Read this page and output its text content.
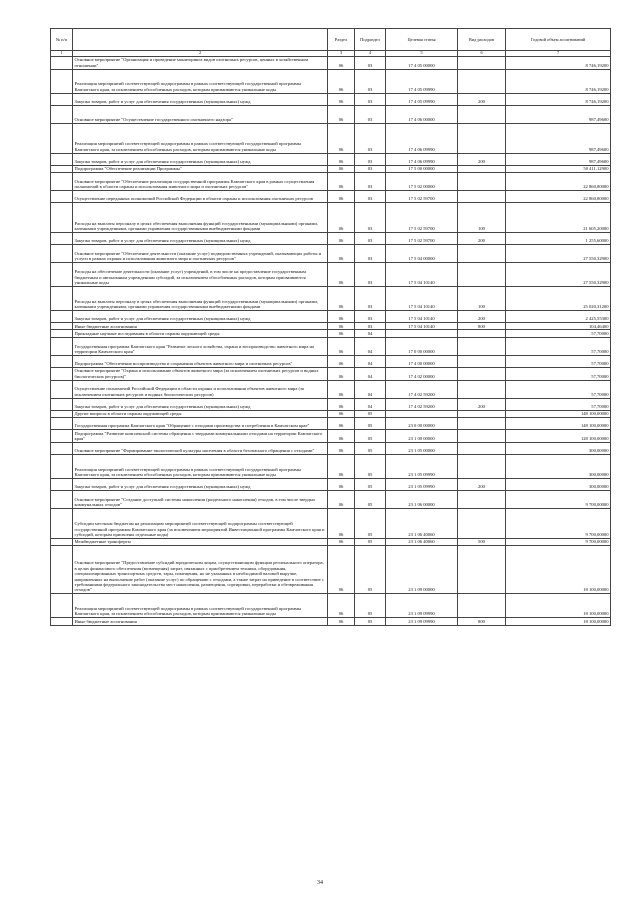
№ п/п		Раздел	Подраздел	Целевая статья	Вид расходов	Годовой объем ассигнований
1	2	3	4	5	6	7
	Основное мероприятие "Организация и проведение мониторинга видов охотничьих ресурсов, ценных в хозяйственном отношении"	06	03	17 4 05 00000		8 746,19200
	Реализация мероприятий соответствующей подпрограммы в рамках соответствующей государственной программы Камчатского края, за исключением обособленных расходов, которым присваиваются уникальные коды	06	03	17 4 05 09990		8 746,19200
	Закупка товаров, работ и услуг для обеспечения государственных (муниципальных) нужд	06	03	17 4 05 09990	200	8 746,19200
	Основное мероприятие "Осуществление государственного охотничьего надзора"	06	03	17 4 06 00000		987,49600
	Реализация мероприятий соответствующей подпрограммы в рамках соответствующей государственной программы Камчатского края, за исключением обособленных расходов, которым присваиваются уникальные коды	06	03	17 4 06 09990		987,49600
	Закупка товаров, работ и услуг для обеспечения государственных (муниципальных) нужд	06	03	17 4 06 09990	200	987,49600
	Подпрограмма "Обеспечение реализации Программы"	06	03	17 5 00 00000		50 411,12900
	Основное мероприятие "Обеспечение реализации государственной программы Камчатского края в рамках осуществления полномочий в области охраны и использования животного мира и охотничьих ресурсов"	06	03	17 5 02 00000		22 860,80000
	Осуществление переданных полномочий Российской Федерации в области охраны и использования охотничьих ресурсов	06	03	17 5 02 59700		22 860,80000
	Расходы на выплаты персоналу в целях обеспечения выполнения функций государственными (муниципальными) органами, казенными учреждениями, органами управления государственными внебюджетными фондами	06	03	17 5 02 59700	100	21 605,20000
	Закупка товаров, работ и услуг для обеспечения государственных (муниципальных) нужд	06	03	17 5 02 59700	200	1 255,60000
	Основное мероприятие "Обеспечение деятельности (оказание услуг) подведомственных учреждений, оказывающих работы и услуги в рамках охраны и использования животного мира и охотничьих ресурсов"	06	03	17 5 04 00000		27 550,32900
	Расходы на обеспечение деятельности (оказание услуг) учреждений, в том числе на предоставление государственным бюджетным и автономным учреждениям субсидий, за исключением обособленных расходов, которым присваиваются уникальные коды	06	03	17 5 04 10140		27 550,32900
	Расходы на выплаты персоналу в целях обеспечения выполнения функций государственными (муниципальными) органами, казенными учреждениями, органами управления государственными внебюджетными фондами	06	03	17 5 04 10140	100	25 020,31200
	Закупка товаров, работ и услуг для обеспечения государственных (муниципальных) нужд	06	03	17 5 04 10140	200	2 425,55300
	Иные бюджетные ассигнования	06	03	17 5 04 10140	800	104,46400
	Прикладные научные исследования в области охраны окружающей среды	06	04			57,70000
	Государственная программа Камчатского края "Развитие лесного хозяйства, охрана и воспроизводство животного мира на территории Камчатского края"	06	04	17 0 00 00000		57,70000
	Подпрограмма "Обеспечение воспроизводства и сохранения объектов животного мира и охотничьих ресурсов"	06	04	17 4 00 00000		57,70000
	Основное мероприятие "Охрана и использование объектов животного мира (за исключением охотничьих ресурсов и водных биологических ресурсов)"	06	04	17 4 02 00000		57,70000
	Осуществление полномочий Российской Федерации в области охраны и использования объектов животного мира (за исключением охотничьих ресурсов и водных биологических ресурсов)	06	04	17 4 02 59200		57,70000
	Закупка товаров, работ и услуг для обеспечения государственных (муниципальных) нужд	06	04	17 4 02 59200	200	57,70000
	Другие вопросы в области охраны окружающей среды	06	05			148 100,00000
	Государственная программа Камчатского края "Обращение с отходами производства и потребления в Камчатском крае"	06	05	23 0 00 00000		148 100,00000
	Подпрограмма "Развитие комплексной системы обращения с твердыми коммунальными отходами на территории Камчатского края"	06	05	23 1 00 00000		128 100,00000
	Основное мероприятие "Формирование экологической культуры населения в области безопасного обращения с отходами"	06	05	23 1 05 00000		300,00000
	Реализация мероприятий соответствующей подпрограммы в рамках соответствующей государственной программы Камчатского края, за исключением обособленных расходов, которым присваиваются уникальные коды	06	05	23 1 05 09990		300,00000
	Закупка товаров, работ и услуг для обеспечения государственных (муниципальных) нужд	06	05	23 1 05 09990	200	300,00000
	Основное мероприятие "Создание доступной системы накопления (раздельного накопления) отходов, в том числе твердых коммунальных отходов"	06	05	23 1 06 00000		9 700,00000
	Субсидии местным бюджетам на реализацию мероприятий соответствующей подпрограммы соответствующей государственной программы Камчатского края (за исключением мероприятий Инвестиционной программы Камчатского края и субсидий, которым присвоены отдельные коды)	06	05	23 1 06 40060		9 700,00000
	Межбюджетные трансферты	06	05	23 1 06 40060	500	9 700,00000
	Основное мероприятие "Предоставление субсидий юридическим лицам, осуществляющим функции регионального оператора, в целях финансового обеспечения (возмещения) затрат, связанных с приобретением техники, оборудования, специализированных транспортных средств, тары, помещения, но не указанных в необходимой валовой выручке, направленных на выполнение работ (оказание услуг) по обращению с отходами, а также затрат на приведение в соответствие с требованиями федерального законодательства мест накопления, размещения, сортировки, переработки и обезвреживания отходов"	06	05	23 1 09 00000		18 100,00000
	Реализация мероприятий соответствующей подпрограммы в рамках соответствующей государственной программы Камчатского края, за исключением обособленных расходов, которым присваиваются уникальные коды	06	05	23 1 09 09990		18 100,00000
	Иные бюджетные ассигнования	06	05	23 1 09 09990	800	18 100,00000
34
